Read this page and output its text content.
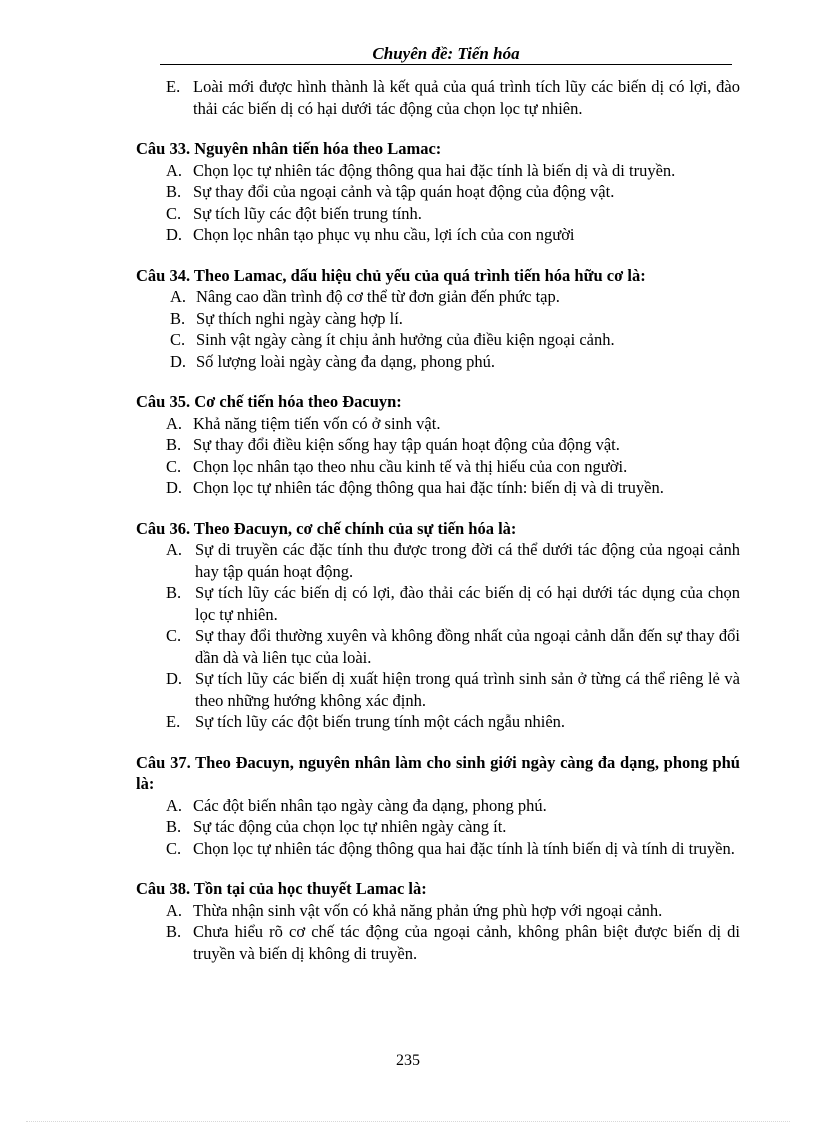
Chuyên đề: Tiến hóa
E. Loài mới được hình thành là kết quả của quá trình tích lũy các biến dị có lợi, đào thải các biến dị có hại dưới tác động của chọn lọc tự nhiên.
Câu 33. Nguyên nhân tiến hóa theo Lamac:
A. Chọn lọc tự nhiên tác động thông qua hai đặc tính là biến dị và di truyền.
B. Sự thay đổi của ngoại cảnh và tập quán hoạt động của động vật.
C. Sự tích lũy các đột biến trung tính.
D. Chọn lọc nhân tạo phục vụ nhu cầu, lợi ích của con người
Câu 34. Theo Lamac, dấu hiệu chủ yếu của quá trình tiến hóa hữu cơ là:
A. Nâng cao dần trình độ cơ thể từ đơn giản đến phức tạp.
B. Sự thích nghi ngày càng hợp lí.
C. Sinh vật ngày càng ít chịu ảnh hưởng của điều kiện ngoại cảnh.
D. Số lượng loài ngày càng đa dạng, phong phú.
Câu 35. Cơ chế tiến hóa theo Đacuyn:
A. Khả năng tiệm tiến vốn có ở sinh vật.
B. Sự thay đổi điều kiện sống hay tập quán hoạt động của động vật.
C. Chọn lọc nhân tạo theo nhu cầu kinh tế và thị hiếu của con người.
D. Chọn lọc tự nhiên tác động thông qua hai đặc tính: biến dị và di truyền.
Câu 36. Theo Đacuyn, cơ chế chính của sự tiến hóa là:
A. Sự di truyền các đặc tính thu được trong đời cá thể dưới tác động của ngoại cảnh hay tập quán hoạt động.
B. Sự tích lũy các biến dị có lợi, đào thải các biến dị có hại dưới tác dụng của chọn lọc tự nhiên.
C. Sự thay đổi thường xuyên và không đồng nhất của ngoại cảnh dẫn đến sự thay đổi dần dà và liên tục của loài.
D. Sự tích lũy các biến dị xuất hiện trong quá trình sinh sản ở từng cá thể riêng lẻ và theo những hướng không xác định.
E. Sự tích lũy các đột biến trung tính một cách ngẫu nhiên.
Câu 37. Theo Đacuyn, nguyên nhân làm cho sinh giới ngày càng đa dạng, phong phú là:
A. Các đột biến nhân tạo ngày càng đa dạng, phong phú.
B. Sự tác động của chọn lọc tự nhiên ngày càng ít.
C. Chọn lọc tự nhiên tác động thông qua hai đặc tính là tính biến dị và tính di truyền.
Câu 38. Tồn tại của học thuyết Lamac là:
A. Thừa nhận sinh vật vốn có khả năng phản ứng phù hợp với ngoại cảnh.
B. Chưa hiểu rõ cơ chế tác động của ngoại cảnh, không phân biệt được biến dị di truyền và biến dị không di truyền.
235
